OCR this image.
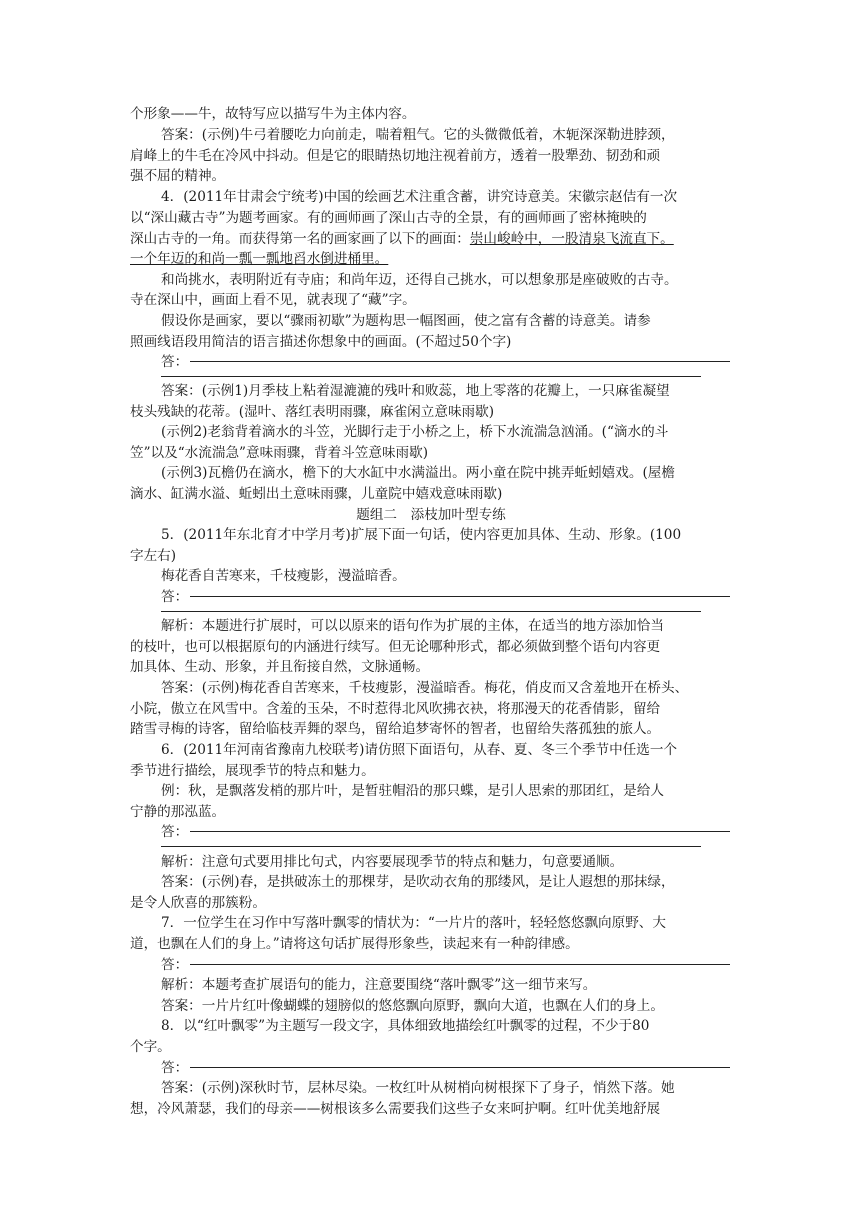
个形象——牛，故特写应以描写牛为主体内容。
答案：(示例)牛弓着腰吃力向前走，喘着粗气。它的头微微低着，木轭深深勒进脖颈，
肩峰上的牛毛在冷风中抖动。但是它的眼睛热切地注视着前方，透着一股犟劲、韧劲和顽
强不屈的精神。
4．(2011年甘肃会宁统考)中国的绘画艺术注重含蓄，讲究诗意美。宋徽宗赵佶有一次
以“深山藏古寺”为题考画家。有的画师画了深山古寺的全景，有的画师画了密林掩映的
深山古寺的一角。而获得第一名的画家画了以下的画面：崇山峻岭中，一股清泉飞流直下。
一个年迈的和尚一瓢一瓢地舀水倒进桶里。
和尚挑水，表明附近有寺庙；和尚年迈，还得自己挑水，可以想象那是座破败的古寺。
寺在深山中，画面上看不见，就表现了“藏”字。
假设你是画家，要以“骤雨初歇”为题构思一幅图画，使之富有含蓄的诗意美。请参
照画线语段用简洁的语言描述你想象中的画面。(不超过50个字)
答：
答案：(示例1)月季枝上粘着湿漉漉的残叶和败蕊，地上零落的花瓣上，一只麻雀凝望
枝头残缺的花蒂。(湿叶、落红表明雨骤，麻雀闲立意味雨歇)
(示例2)老翁背着滴水的斗笠，光脚行走于小桥之上，桥下水流湍急汹涌。(“滴水的斗
笠”以及“水流湍急”意味雨骤，背着斗笠意味雨歇)
(示例3)瓦檐仍在滴水，檐下的大水缸中水满溢出。两小童在院中挑弄蚯蚓嬉戏。(屋檐
滴水、缸满水溢、蚯蚓出土意味雨骤，儿童院中嬉戏意味雨歇)
题组二　添枝加叶型专练
5．(2011年东北育才中学月考)扩展下面一句话，使内容更加具体、生动、形象。(100
字左右)
梅花香自苦寒来，千枝瘦影，漫溢暗香。
答：
解析：本题进行扩展时，可以以原来的语句作为扩展的主体，在适当的地方添加恰当
的枝叶，也可以根据原句的内涵进行续写。但无论哪种形式，都必须做到整个语句内容更
加具体、生动、形象，并且衔接自然，文脉通畅。
答案：(示例)梅花香自苦寒来，千枝瘦影，漫溢暗香。梅花，俏皮而又含羞地开在桥头、
小院，傲立在风雪中。含羞的玉朵，不时惹得北风吹拂衣袂，将那漫天的花香倩影，留给
踏雪寻梅的诗客，留给临枝弄舞的翠鸟，留给追梦寄怀的智者，也留给失落孤独的旅人。
6．(2011年河南省豫南九校联考)请仿照下面语句，从春、夏、冬三个季节中任选一个
季节进行描绘，展现季节的特点和魅力。
例：秋，是飘落发梢的那片叶，是暂驻帽沿的那只蝶，是引人思索的那团红，是给人
宁静的那泓蓝。
答：
解析：注意句式要用排比句式，内容要展现季节的特点和魅力，句意要通顺。
答案：(示例)春，是拱破冻土的那棵芽，是吹动衣角的那缕风，是让人遐想的那抹绿，
是令人欣喜的那簇粉。
7．一位学生在习作中写落叶飘零的情状为：“一片片的落叶，轻轻悠悠飘向原野、大
道，也飘在人们的身上。”请将这句话扩展得形象些，读起来有一种韵律感。
答：
解析：本题考查扩展语句的能力，注意要围绕“落叶飘零”这一细节来写。
答案：一片片红叶像蝴蝶的翅膀似的悠悠飘向原野，飘向大道，也飘在人们的身上。
8．以“红叶飘零”为主题写一段文字，具体细致地描绘红叶飘零的过程，不少于80
个字。
答：
答案：(示例)深秋时节，层林尽染。一枚红叶从树梢向树根探下了身子，悄然下落。她
想，冷风萧瑟，我们的母亲——树根该多么需要我们这些子女来呵护啊。红叶优美地舒展
